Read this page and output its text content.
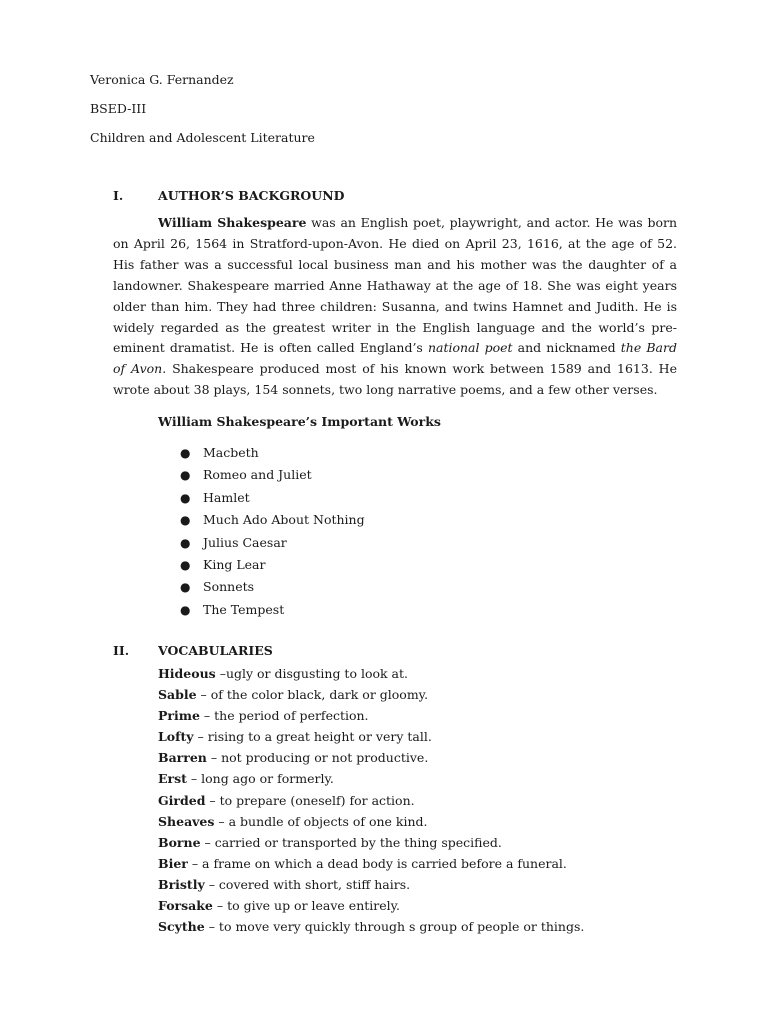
Veronica G. Fernandez
BSED-III
Children and Adolescent Literature
I.	AUTHOR’S BACKGROUND

William Shakespeare was an English poet, playwright, and actor. He was born on April 26, 1564 in Stratford-upon-Avon. He died on April 23, 1616, at the age of 52. His father was a successful local business man and his mother was the daughter of a landowner. Shakespeare married Anne Hathaway at the age of 18. She was eight years older than him. They had three children: Susanna, and twins Hamnet and Judith. He is widely regarded as the greatest writer in the English language and the world’s pre-eminent dramatist. He is often called England’s national poet and nicknamed the Bard of Avon. Shakespeare produced most of his known work between 1589 and 1613. He wrote about 38 plays, 154 sonnets, two long narrative poems, and a few other verses.

William Shakespeare’s Important Works
● Macbeth
● Romeo and Juliet
● Hamlet
● Much Ado About Nothing
● Julius Caesar
● King Lear
● Sonnets
● The Tempest
II. VOCABULARIES
Hideous –ugly or disgusting to look at.
Sable – of the color black, dark or gloomy.
Prime – the period of perfection.
Lofty – rising to a great height or very tall.
Barren – not producing or not productive.
Erst – long ago or formerly.
Girded – to prepare (oneself) for action.
Sheaves – a bundle of objects of one kind.
Borne – carried or transported by the thing specified.
Bier – a frame on which a dead body is carried before a funeral.
Bristly – covered with short, stiff hairs.
Forsake – to give up or leave entirely.
Scythe – to move very quickly through s group of people or things.
